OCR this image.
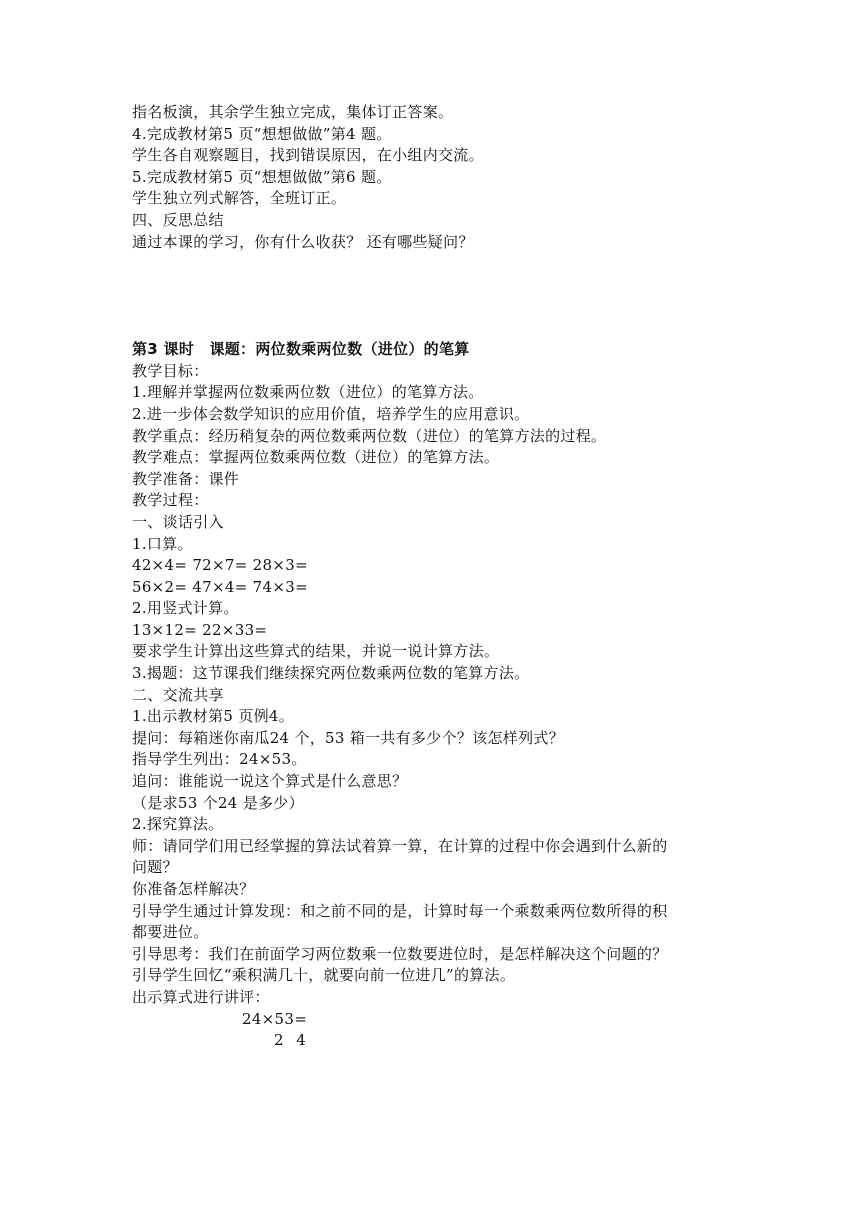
指名板演，其余学生独立完成，集体订正答案。
4.完成教材第5 页“想想做做”第4 题。
学生各自观察题目，找到错误原因，在小组内交流。
5.完成教材第5 页“想想做做”第6 题。
学生独立列式解答，全班订正。
四、反思总结
通过本课的学习，你有什么收获？ 还有哪些疑问？
第3 课时　课题：两位数乘两位数（进位）的笔算
教学目标：
1.理解并掌握两位数乘两位数（进位）的笔算方法。
2.进一步体会数学知识的应用价值，培养学生的应用意识。
教学重点：经历稍复杂的两位数乘两位数（进位）的笔算方法的过程。
教学难点：掌握两位数乘两位数（进位）的笔算方法。
教学准备：课件
教学过程：
一、谈话引入
1.口算。
42×4= 72×7= 28×3=
56×2= 47×4= 74×3=
2.用竖式计算。
13×12= 22×33=
要求学生计算出这些算式的结果，并说一说计算方法。
3.揭题：这节课我们继续探究两位数乘两位数的笔算方法。
二、交流共享
1.出示教材第5 页例4。
提问：每箱迷你南瓜24 个，53 箱一共有多少个？该怎样列式？
指导学生列出：24×53。
追问：谁能说一说这个算式是什么意思？
（是求53 个24 是多少）
2.探究算法。
师：请同学们用已经掌握的算法试着算一算，在计算的过程中你会遇到什么新的
问题？
你准备怎样解决？
引导学生通过计算发现：和之前不同的是，计算时每一个乘数乘两位数所得的积
都要进位。
引导思考：我们在前面学习两位数乘一位数要进位时，是怎样解决这个问题的？
引导学生回忆“乘积满几十，就要向前一位进几”的算法。
出示算式进行讲评：
24×53=
2 4
